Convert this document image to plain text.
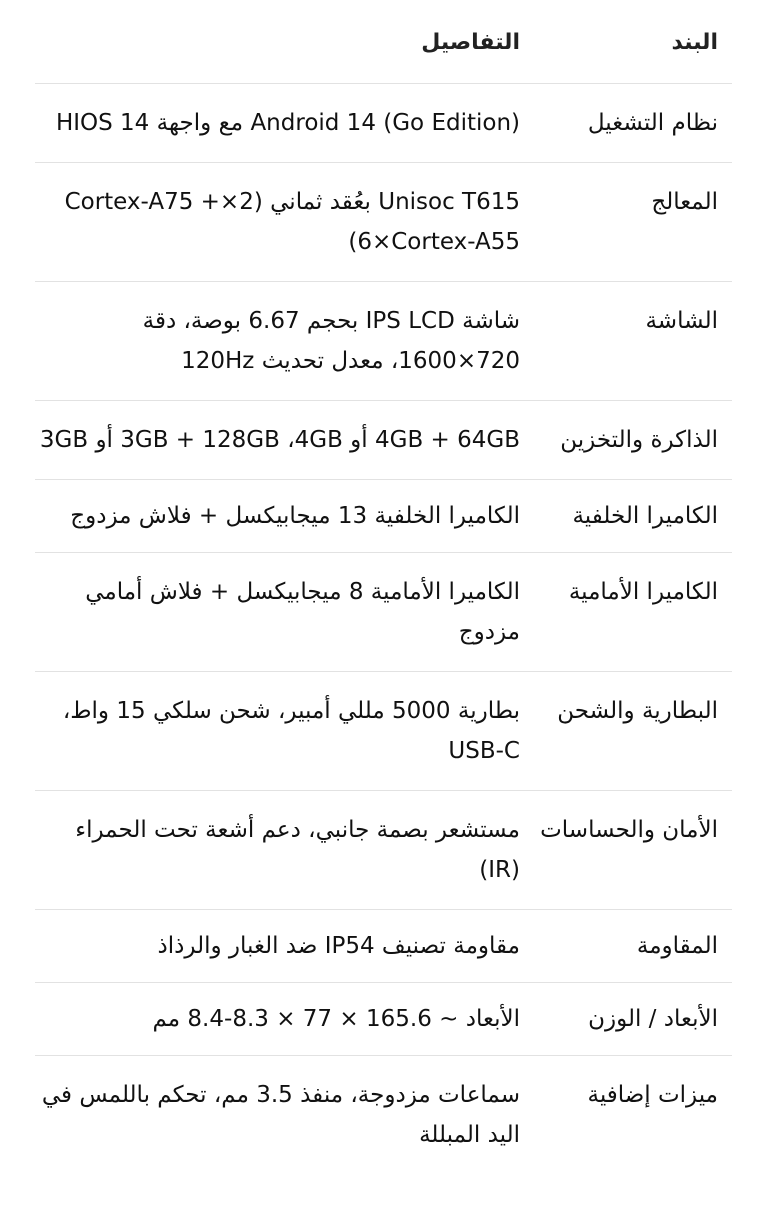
البند
التفاصيل
نظام التشغيل
Android 14 (Go Edition) مع واجهة HIOS 14
المعالج
Unisoc T615 بعُقد ثماني (2×Cortex-A75 + 6×Cortex-A55)
الشاشة
شاشة IPS LCD بحجم 6.67 بوصة، دقة 720×1600، معدل تحديث 120Hz
الذاكرة والتخزين
4GB + 64GB أو 3GB + 128GB ،4GB أو 3GB
الكاميرا الخلفية
الكاميرا الخلفية 13 ميجابيكسل + فلاش مزدوج
الكاميرا الأمامية
الكاميرا الأمامية 8 ميجابيكسل + فلاش أمامي مزدوج
البطارية والشحن
بطارية 5000 مللي أمبير، شحن سلكي 15 واط، USB-C
الأمان والحساسات
مستشعر بصمة جانبي، دعم أشعة تحت الحمراء (IR)
المقاومة
مقاومة تصنيف IP54 ضد الغبار والرذاذ
الأبعاد / الوزن
الأبعاد ~ 165.6 × 77 × 8.3-8.4 مم
ميزات إضافية
سماعات مزدوجة، منفذ 3.5 مم، تحكم باللمس في اليد المبللة
